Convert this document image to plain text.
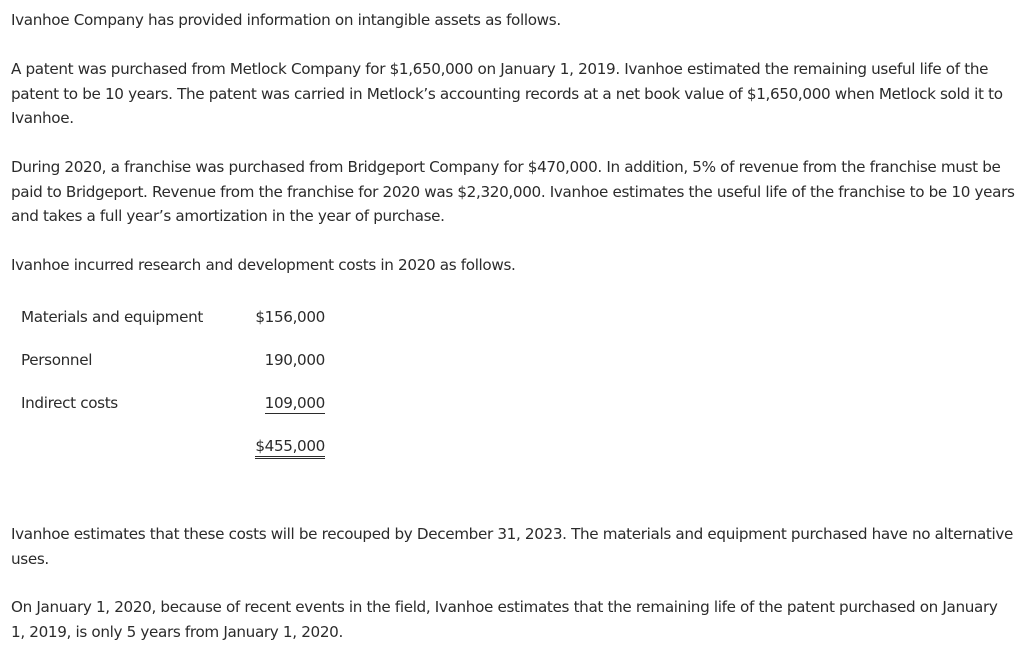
Ivanhoe Company has provided information on intangible assets as follows.

A patent was purchased from Metlock Company for $1,650,000 on January 1, 2019. Ivanhoe estimated the remaining useful life of the patent to be 10 years. The patent was carried in Metlock’s accounting records at a net book value of $1,650,000 when Metlock sold it to Ivanhoe.

During 2020, a franchise was purchased from Bridgeport Company for $470,000. In addition, 5% of revenue from the franchise must be paid to Bridgeport. Revenue from the franchise for 2020 was $2,320,000. Ivanhoe estimates the useful life of the franchise to be 10 years and takes a full year’s amortization in the year of purchase.

Ivanhoe incurred research and development costs in 2020 as follows.

Materials and equipment	$156,000
Personnel	190,000
Indirect costs	109,000
$455,000

Ivanhoe estimates that these costs will be recouped by December 31, 2023. The materials and equipment purchased have no alternative uses.

On January 1, 2020, because of recent events in the field, Ivanhoe estimates that the remaining life of the patent purchased on January 1, 2019, is only 5 years from January 1, 2020.
